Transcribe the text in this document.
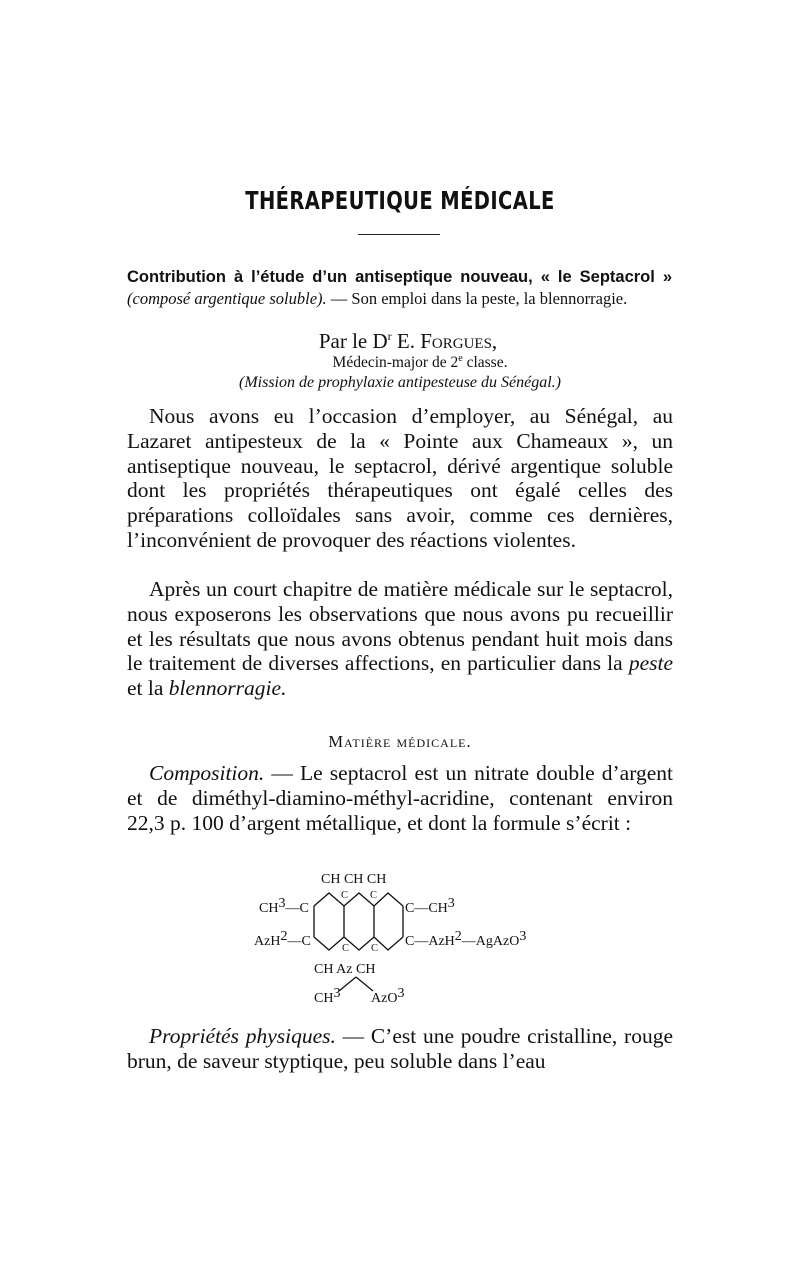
THÉRAPEUTIQUE MÉDICALE
Contribution à l’étude d’un antiseptique nouveau, « le Septacrol » (composé argentique soluble). — Son emploi dans la peste, la blennorragie.
Par le $D^r$ E. Forgues,
Médecin-major de 2e classe.
(Mission de prophylaxie antipesteuse du Sénégal.)

Nous avons eu l’occasion d’employer, au Sénégal, au Lazaret antipesteux de la « Pointe aux Chameaux », un antiseptique nouveau, le septacrol, dérivé argentique soluble dont les propriétés thérapeutiques ont égalé celles des préparations colloïdales sans avoir, comme ces dernières, l’inconvénient de provoquer des réactions violentes.

Après un court chapitre de matière médicale sur le septacrol, nous exposerons les observations que nous avons pu recueillir et les résultats que nous avons obtenus pendant huit mois dans le traitement de diverses affections, en particulier dans la peste et la blennorragie.

Matière médicale.

Composition. — Le septacrol est un nitrate double d’argent et de diméthyl-diamino-méthyl-acridine, contenant environ 22,3 p. 100 d’argent métallique, et dont la formule s’écrit :

CH CH CH
C C
CH3—C	C—CH3
AzH2—C	C—AzH2—AgAzO3
C C
CH Az CH
CH3 AzO3

Propriétés physiques. — C’est une poudre cristalline, rouge brun, de saveur styptique, peu soluble dans l’eau
